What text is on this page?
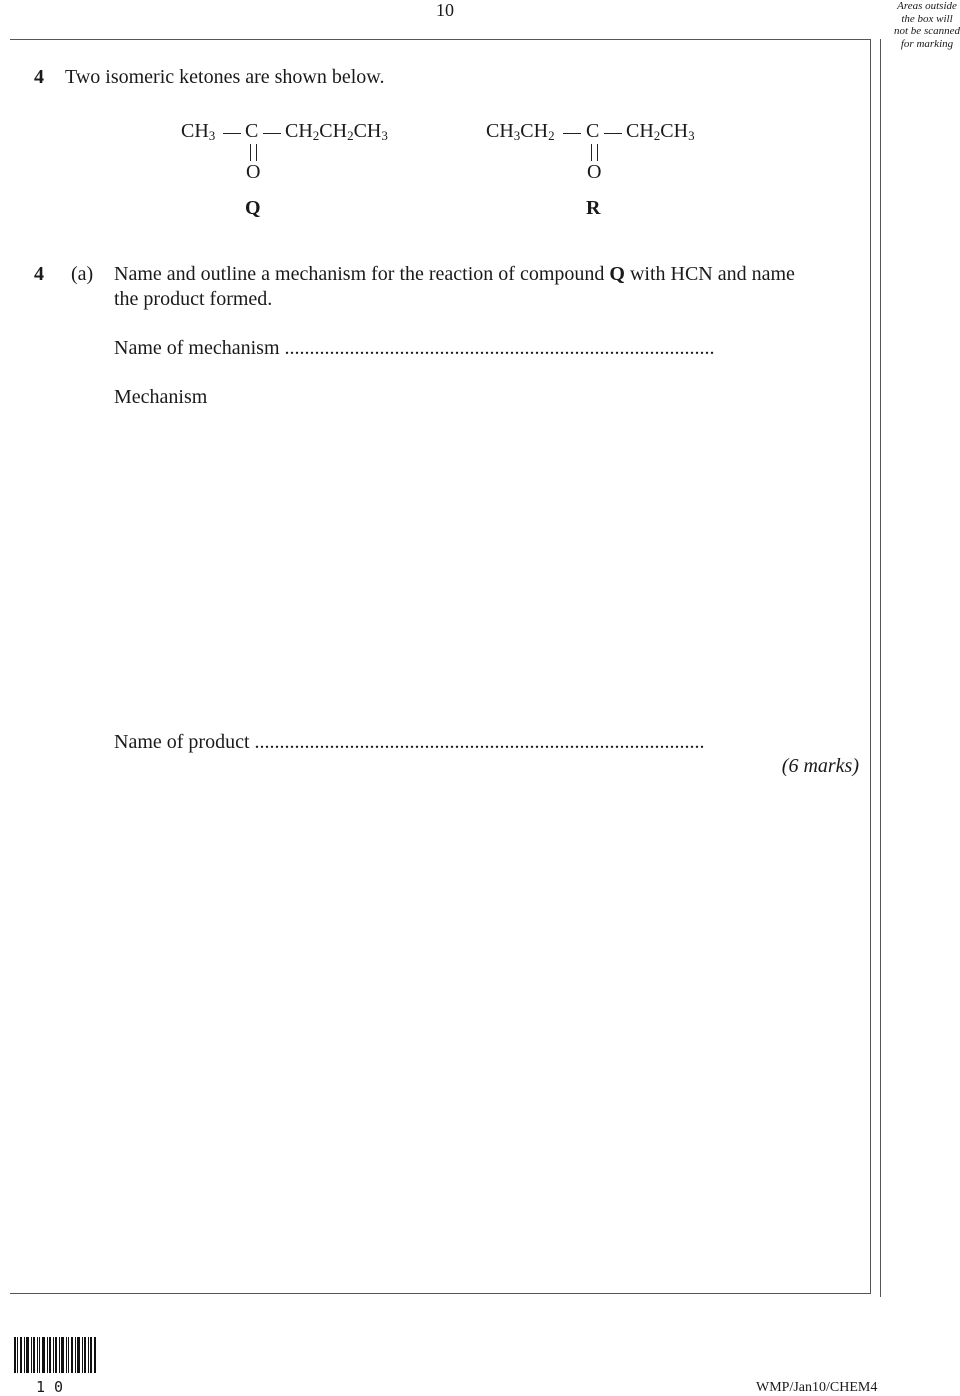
10	Areas outside
the box will
not be scanned
for marking
4 Two isomeric ketones are shown below.
$CH_3$ C $CH_2CH_2CH_3$
O
Q
$CH_3CH_2$ C $CH_2CH_3$
O
R
4 (a) Name and outline a mechanism for the reaction of compound Q with HCN and name
the product formed.
Name of mechanism ......................................................................................
Mechanism
Name of product ..........................................................................................
(6 marks)
10	WMP/Jan10/CHEM4
